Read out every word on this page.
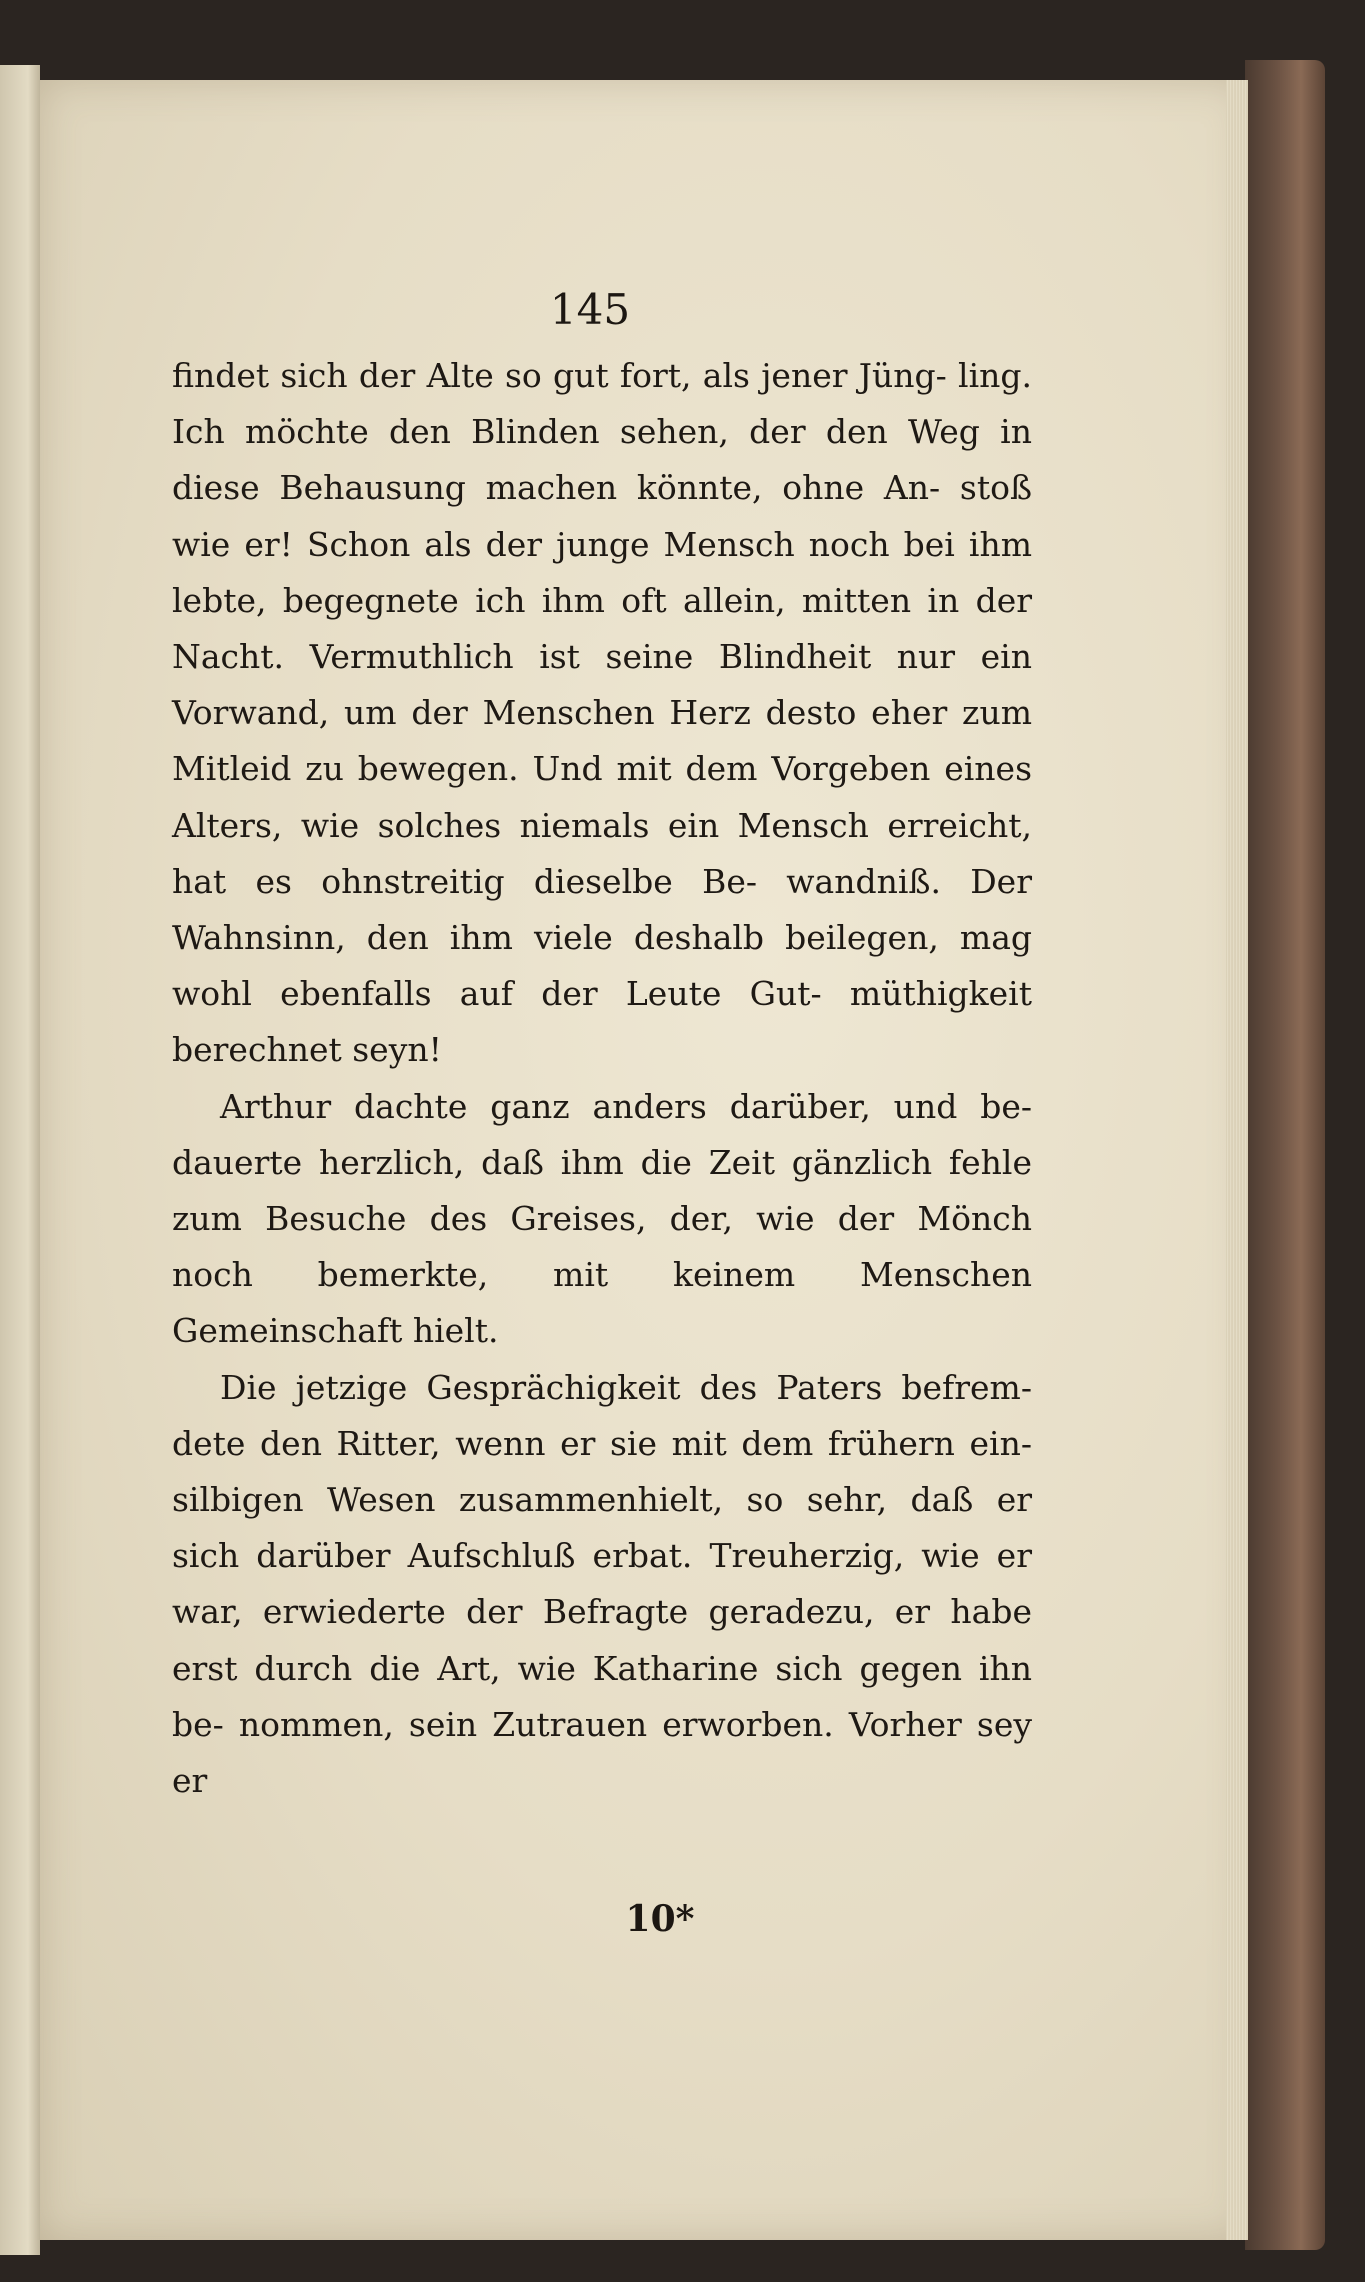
145

findet sich der Alte so gut fort, als jener Jüng- ling. Ich möchte den Blinden sehen, der den Weg in diese Behausung machen könnte, ohne An- stoß wie er! Schon als der junge Mensch noch bei ihm lebte, begegnete ich ihm oft allein, mitten in der Nacht. Vermuthlich ist seine Blindheit nur ein Vorwand, um der Menschen Herz desto eher zum Mitleid zu bewegen. Und mit dem Vorgeben eines Alters, wie solches niemals ein Mensch erreicht, hat es ohnstreitig dieselbe Be- wandniß. Der Wahnsinn, den ihm viele deshalb beilegen, mag wohl ebenfalls auf der Leute Gut- müthigkeit berechnet seyn!

Arthur dachte ganz anders darüber, und be- dauerte herzlich, daß ihm die Zeit gänzlich fehle zum Besuche des Greises, der, wie der Mönch noch bemerkte, mit keinem Menschen Gemeinschaft hielt.

Die jetzige Gesprächigkeit des Paters befrem- dete den Ritter, wenn er sie mit dem frühern ein- silbigen Wesen zusammenhielt, so sehr, daß er sich darüber Aufschluß erbat. Treuherzig, wie er war, erwiederte der Befragte geradezu, er habe erst durch die Art, wie Katharine sich gegen ihn be- nommen, sein Zutrauen erworben. Vorher sey er

10*
